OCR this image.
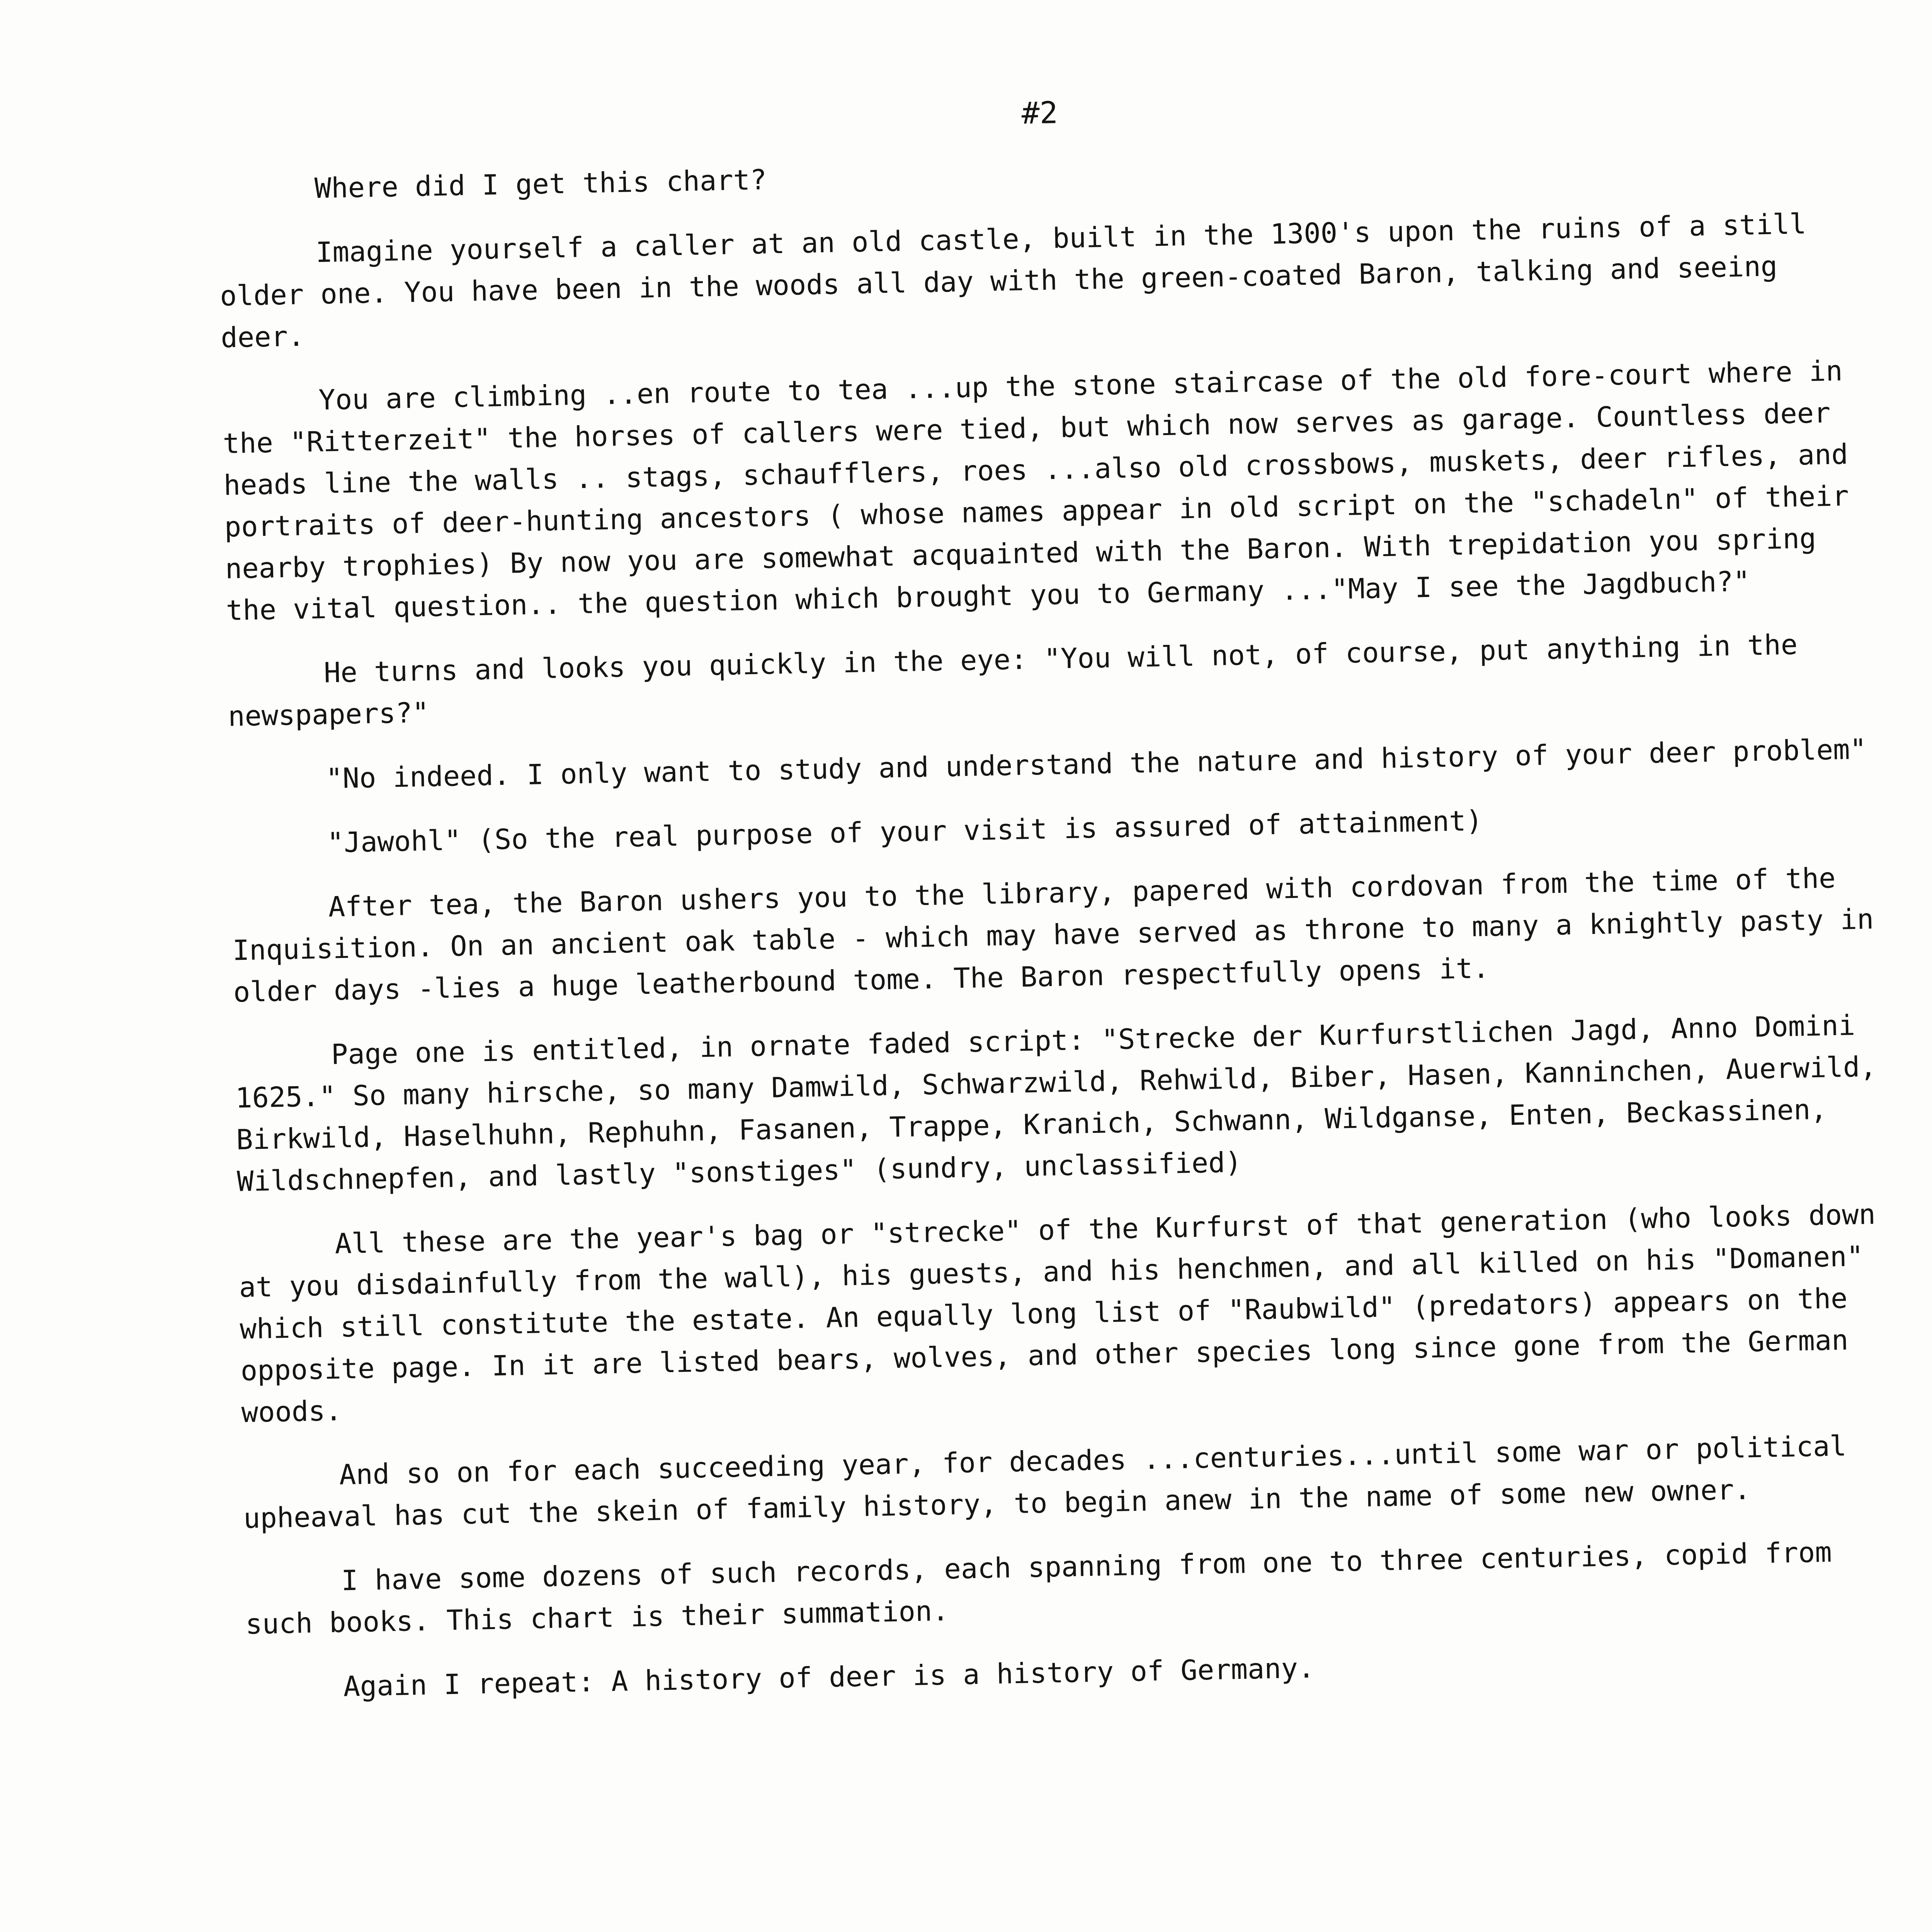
#2

Where did I get this chart?

Imagine yourself a caller at an old castle, built in the 1300's upon the ruins of a still older one. You have been in the woods all day with the green-coated Baron, talking and seeing deer.

You are climbing ..en route to tea ...up the stone staircase of the old fore-court where in the "Ritterzeit" the horses of callers were tied, but which now serves as garage. Countless deer heads line the walls .. stags, schaufflers, roes ...also old crossbows, muskets, deer rifles, and portraits of deer-hunting ancestors ( whose names appear in old script on the "schadeln" of their nearby trophies) By now you are somewhat acquainted with the Baron. With trepidation you spring the vital question.. the question which brought you to Germany ..."May I see the Jagdbuch?"

He turns and looks you quickly in the eye: "You will not, of course, put anything in the newspapers?"

"No indeed. I only want to study and understand the nature and history of your deer problem"

"Jawohl" (So the real purpose of your visit is assured of attainment)

After tea, the Baron ushers you to the library, papered with cordovan from the time of the Inquisition. On an ancient oak table - which may have served as throne to many a knightly pasty in older days -lies a huge leatherbound tome. The Baron respectfully opens it.

Page one is entitled, in ornate faded script: "Strecke der Kurfurstlichen Jagd, Anno Domini 1625." So many hirsche, so many Damwild, Schwarzwild, Rehwild, Biber, Hasen, Kanninchen, Auerwild, Birkwild, Haselhuhn, Rephuhn, Fasanen, Trappe, Kranich, Schwann, Wildganse, Enten, Beckassinen, Wildschnepfen, and lastly "sonstiges" (sundry, unclassified)

All these are the year's bag or "strecke" of the Kurfurst of that generation (who looks down at you disdainfully from the wall), his guests, and his henchmen, and all killed on his "Domanen" which still constitute the estate. An equally long list of "Raubwild" (predators) appears on the opposite page. In it are listed bears, wolves, and other species long since gone from the German woods.

And so on for each succeeding year, for decades ...centuries...until some war or political upheaval has cut the skein of family history, to begin anew in the name of some new owner.

I have some dozens of such records, each spanning from one to three centuries, copid from such books. This chart is their summation.

Again I repeat: A history of deer is a history of Germany.
